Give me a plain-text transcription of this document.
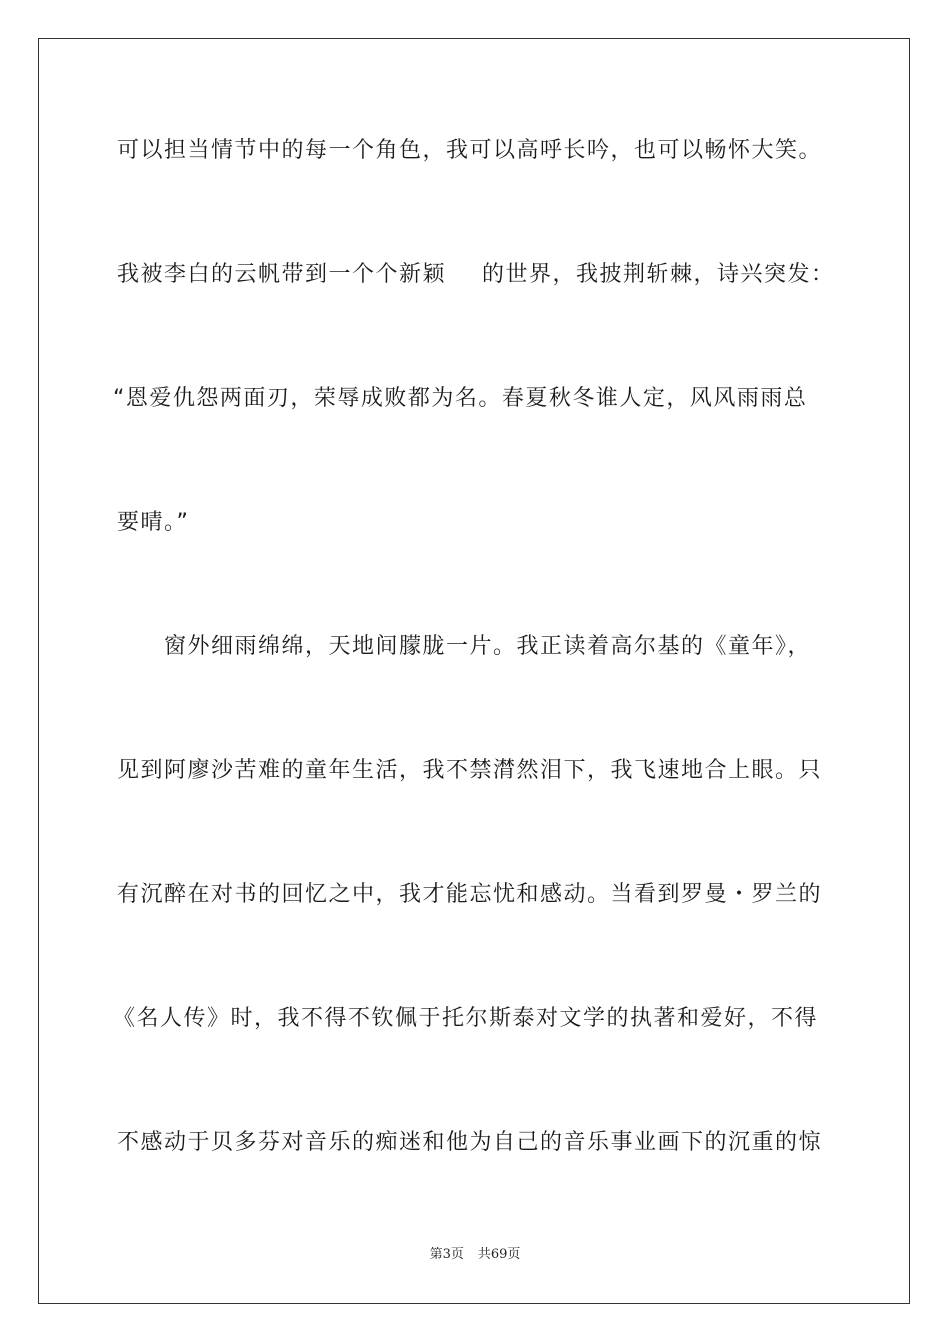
可以担当情节中的每一个角色，我可以高呼长吟，也可以畅怀大笑。
我被李白的云帆带到一个个新颖 的世界，我披荆斩棘，诗兴突发：
“恩爱仇怨两面刃，荣辱成败都为名。春夏秋冬谁人定，风风雨雨总
要晴。”
　　窗外细雨绵绵，天地间朦胧一片。我正读着高尔基的《童年》，
见到阿廖沙苦难的童年生活，我不禁潸然泪下，我飞速地合上眼。只
有沉醉在对书的回忆之中，我才能忘忧和感动。当看到罗曼・罗兰的
《名人传》时，我不得不钦佩于托尔斯泰对文学的执著和爱好，不得
不感动于贝多芬对音乐的痴迷和他为自己的音乐事业画下的沉重的惊
第3页 共69页
